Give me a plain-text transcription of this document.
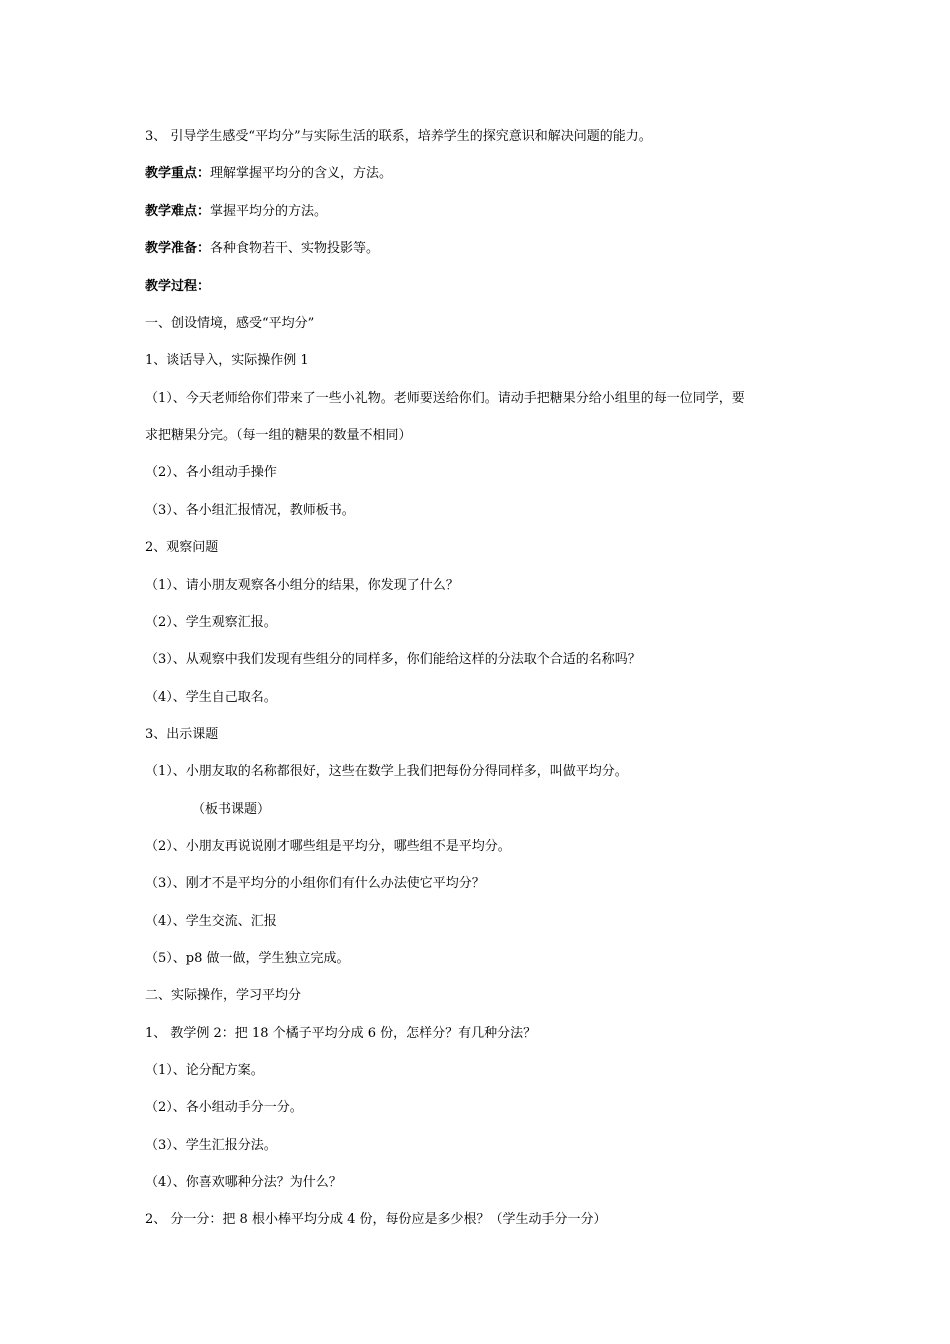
3、 引导学生感受“平均分”与实际生活的联系，培养学生的探究意识和解决问题的能力。
教学重点：理解掌握平均分的含义，方法。
教学难点：掌握平均分的方法。
教学准备：各种食物若干、实物投影等。
教学过程：
一、创设情境，感受“平均分”
1、谈话导入，实际操作例 1
（1）、今天老师给你们带来了一些小礼物。老师要送给你们。请动手把糖果分给小组里的每一位同学，要
求把糖果分完。（每一组的糖果的数量不相同）
（2）、各小组动手操作
（3）、各小组汇报情况，教师板书。
2、观察问题
（1）、请小朋友观察各小组分的结果，你发现了什么？
（2）、学生观察汇报。
（3）、从观察中我们发现有些组分的同样多，你们能给这样的分法取个合适的名称吗？
（4）、学生自己取名。
3、出示课题
（1）、小朋友取的名称都很好，这些在数学上我们把每份分得同样多，叫做平均分。
（板书课题）
（2）、小朋友再说说刚才哪些组是平均分，哪些组不是平均分。
（3）、刚才不是平均分的小组你们有什么办法使它平均分？
（4）、学生交流、汇报
（5）、p8 做一做，学生独立完成。
二、实际操作，学习平均分
1、 教学例 2：把 18 个橘子平均分成 6 份，怎样分？有几种分法？
（1）、论分配方案。
（2）、各小组动手分一分。
（3）、学生汇报分法。
（4）、你喜欢哪种分法？为什么？
2、 分一分：把 8 根小棒平均分成 4 份，每份应是多少根？（学生动手分一分）
